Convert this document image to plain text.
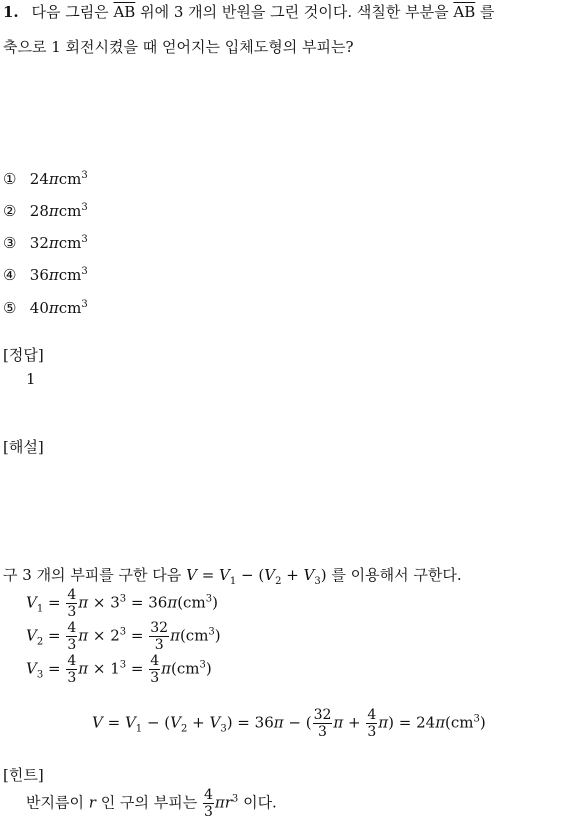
1. 다음 그림은 $\overline{AB}$ 위에 3 개의 반원을 그린 것이다. 색칠한 부분을 $\overline{AB}$ 를
축으로 1 회전시켰을 때 얻어지는 입체도형의 부피는?
① 24πcm$^3$
② 28πcm$^3$
③ 32πcm$^3$
④ 36πcm$^3$
⑤ 40πcm$^3$
[정답]
1
[해설]
구 3 개의 부피를 구한 다음 $V = V_1 - (V_2 + V_3)$ 를 이용해서 구한다.
$V_1 = \frac{4}{3}$ $\pi \times 3^3 = 36\pi(cm^3)$
$V_2 = \frac{4}{3}$ $\pi \times 2^3 = \frac{32}{3} \pi(cm^3)$
$V_3 = \frac{4}{3}$ $\pi \times 1^3 = \frac{4}{3} \pi(cm^3)$
$V = V_1 - (V_2 + V_3) = 36\pi$ − ( $\frac{32}{3}$ $\pi + \frac{4}{3} \pi) = 24\pi(cm^3)$
[힌트]
반지름이 r 인 구의 부피는 $\frac{4}{3} \pi r^3$ 이다.
